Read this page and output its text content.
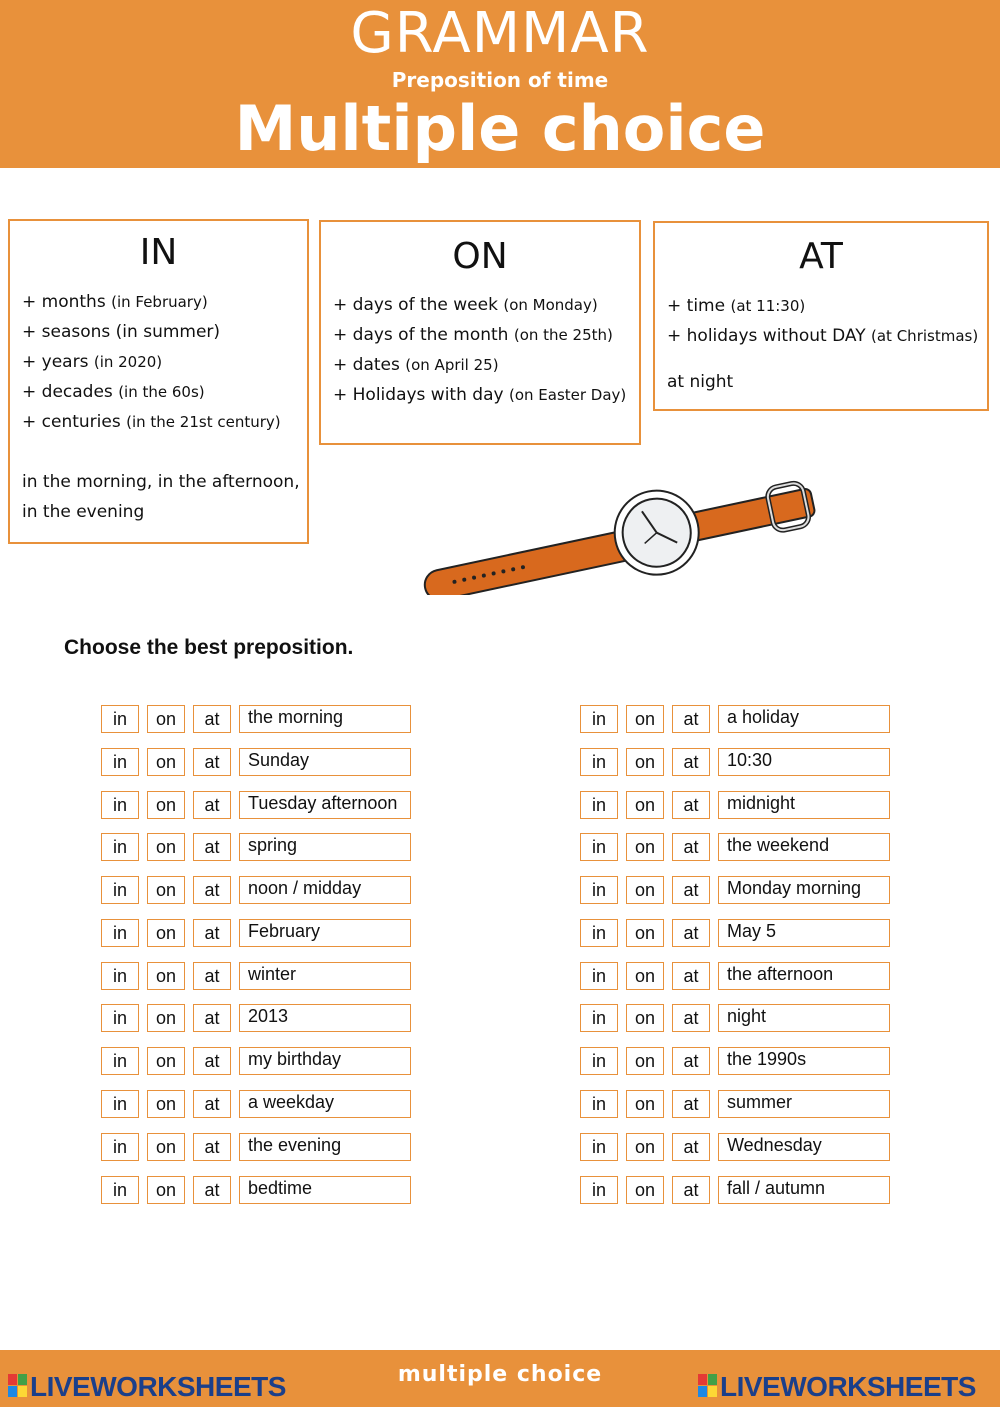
GRAMMAR
Preposition of time
Multiple choice
IN
+ months (in February)
+ seasons (in summer)
+ years (in 2020)
+ decades (in the 60s)
+ centuries (in the 21st century)
in the morning, in the afternoon,
in the evening
ON
+ days of the week (on Monday)
+ days of the month (on the 25th)
+ dates (on April 25)
+ Holidays with day (on Easter Day)
AT
+ time (at 11:30)
+ holidays without DAY (at Christmas)
at night
Choose the best preposition.
in	on	at	the morning
in	on	at	Sunday
in	on	at	Tuesday afternoon
in	on	at	spring
in	on	at	noon / midday
in	on	at	February
in	on	at	winter
in	on	at	2013
in	on	at	my birthday
in	on	at	a weekday
in	on	at	the evening
in	on	at	bedtime
in	on	at	a holiday
in	on	at	10:30
in	on	at	midnight
in	on	at	the weekend
in	on	at	Monday morning
in	on	at	May 5
in	on	at	the afternoon
in	on	at	night
in	on	at	the 1990s
in	on	at	summer
in	on	at	Wednesday
in	on	at	fall / autumn
LIVEWORKSHEETS	multiple choice	LIVEWORKSHEETS
